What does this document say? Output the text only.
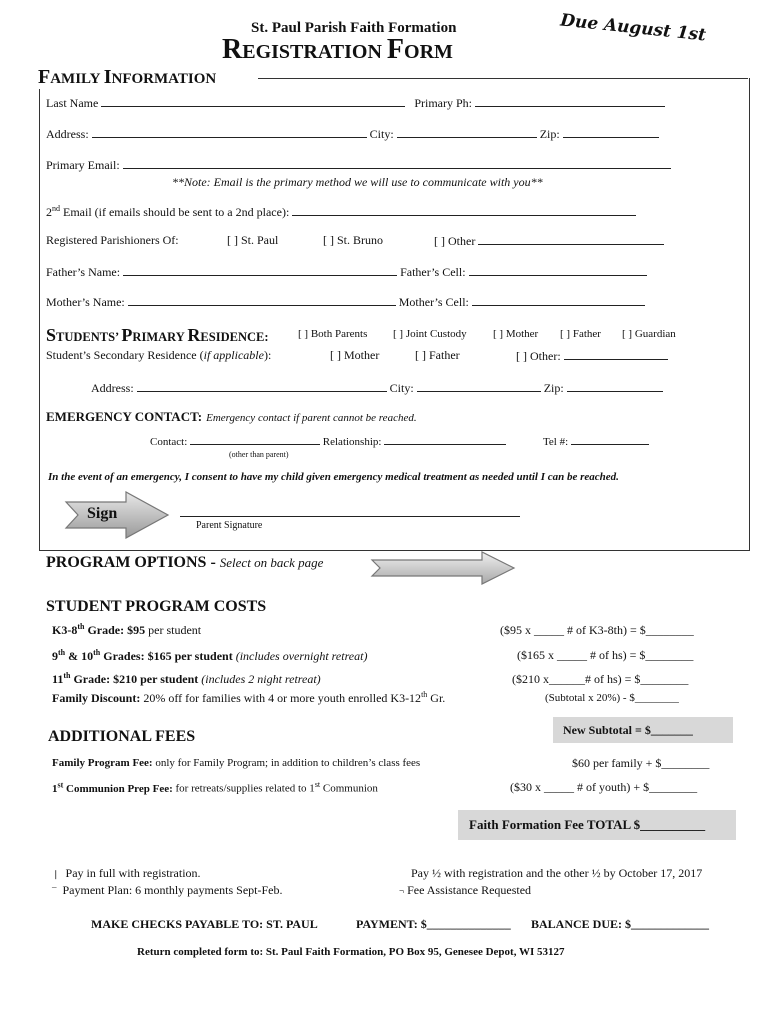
St. Paul Parish Faith Formation
REGISTRATION FORM
Due August 1st
FAMILY INFORMATION
Last Name	Primary Ph:
Address:	City:	Zip:
Primary Email:
**Note: Email is the primary method we will use to communicate with you**
2nd Email (if emails should be sent to a 2nd place):
Registered Parishioners Of:	[ ] St. Paul	[ ] St. Bruno	[ ] Other
Father’s Name:	Father’s Cell:
Mother’s Name:	Mother’s Cell:
STUDENTS’ PRIMARY RESIDENCE:	[ ] Both Parents [ ] Joint Custody [ ] Mother [ ] Father [ ] Guardian
Student’s Secondary Residence (if applicable):	[ ] Mother	[ ] Father	[ ] Other:
Address:	City:	Zip:
EMERGENCY CONTACT: Emergency contact if parent cannot be reached.
Contact:	Relationship:	Tel #:
(other than parent)
In the event of an emergency, I consent to have my child given emergency medical treatment as needed until I can be reached.
Sign
Parent Signature
PROGRAM OPTIONS - Select on back page
STUDENT PROGRAM COSTS
K3-8th Grade: $95 per student	($95 x _____ # of K3-8th) = $________
9th & 10th Grades: $165 per student (includes overnight retreat)	($165 x _____ # of hs) = $________
11th Grade: $210 per student (includes 2 night retreat)	($210 x______# of hs) = $________
Family Discount: 20% off for families with 4 or more youth enrolled K3-12th Gr.	(Subtotal x 20%) - $________
New Subtotal = $_______
ADDITIONAL FEES
Family Program Fee: only for Family Program; in addition to children’s class fees	$60 per family + $________
1st Communion Prep Fee: for retreats/supplies related to 1st Communion	($30 x _____ # of youth) + $________
Faith Formation Fee TOTAL $__________
❘ Pay in full with registration.	Pay ½ with registration and the other ½ by October 17, 2017
¯ Payment Plan: 6 monthly payments Sept-Feb.	¬ Fee Assistance Requested
MAKE CHECKS PAYABLE TO: ST. PAUL	PAYMENT: $______________ BALANCE DUE: $_____________
Return completed form to: St. Paul Faith Formation, PO Box 95, Genesee Depot, WI 53127
